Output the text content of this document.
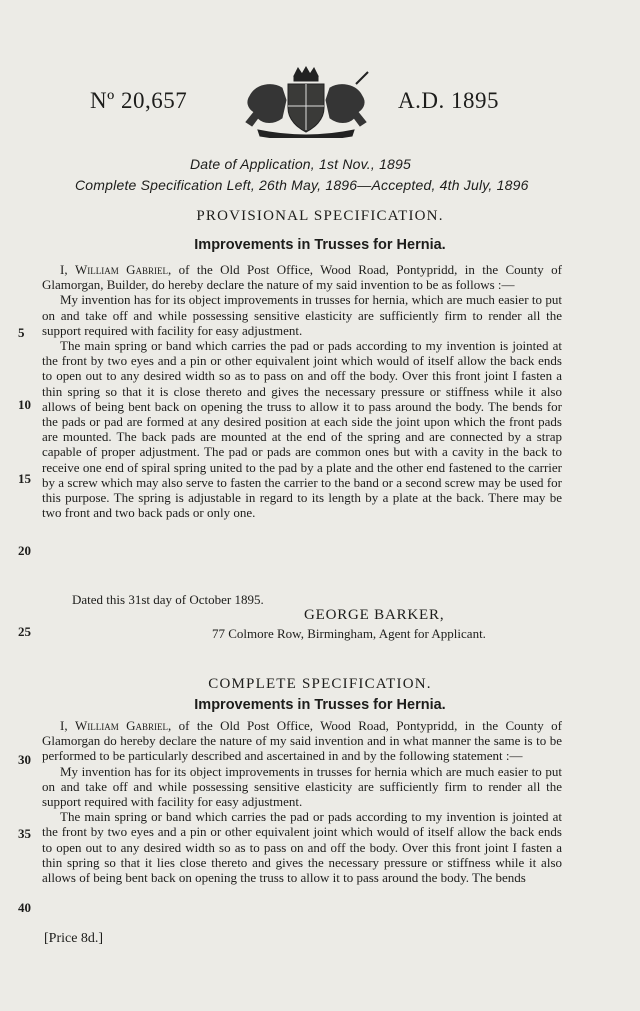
Nº 20,657	A.D. 1895
Date of Application, 1st Nov., 1895
Complete Specification Left, 26th May, 1896—Accepted, 4th July, 1896
PROVISIONAL SPECIFICATION.
Improvements in Trusses for Hernia.

I, William Gabriel, of the Old Post Office, Wood Road, Pontypridd, in the County of Glamorgan, Builder, do hereby declare the nature of my said invention to be as follows :—

My invention has for its object improvements in trusses for hernia, which are much easier to put on and take off and while possessing sensitive elasticity are sufficiently firm to render all the support required with facility for easy adjustment.

The main spring or band which carries the pad or pads according to my invention is jointed at the front by two eyes and a pin or other equivalent joint which would of itself allow the back ends to open out to any desired width so as to pass on and off the body. Over this front joint I fasten a thin spring so that it is close thereto and gives the necessary pressure or stiffness while it also allows of being bent back on opening the truss to allow it to pass around the body. The bends for the pads or pad are formed at any desired position at each side the joint upon which the front pads are mounted. The back pads are mounted at the end of the spring and are connected by a strap capable of proper adjustment. The pad or pads are common ones but with a cavity in the back to receive one end of spiral spring united to the pad by a plate and the other end fastened to the carrier by a screw which may also serve to fasten the carrier to the band or a second screw may be used for this purpose. The spring is adjustable in regard to its length by a plate at the back. There may be two front and two back pads or only one.

Dated this 31st day of October 1895.
GEORGE BARKER,
77 Colmore Row, Birmingham, Agent for Applicant.
COMPLETE SPECIFICATION.
Improvements in Trusses for Hernia.

I, William Gabriel, of the Old Post Office, Wood Road, Pontypridd, in the County of Glamorgan do hereby declare the nature of my said invention and in what manner the same is to be performed to be particularly described and ascertained in and by the following statement :—

My invention has for its object improvements in trusses for hernia which are much easier to put on and take off and while possessing sensitive elasticity are sufficiently firm to render all the support required with facility for easy adjustment.

The main spring or band which carries the pad or pads according to my invention is jointed at the front by two eyes and a pin or other equivalent joint which would of itself allow the back ends to open out to any desired width so as to pass on and off the body. Over this front joint I fasten a thin spring so that it lies close thereto and gives the necessary pressure or stiffness while it also allows of being bent back on opening the truss to allow it to pass around the body. The bends

5
10
15
20
25
30
35
40
[Price 8d.]
